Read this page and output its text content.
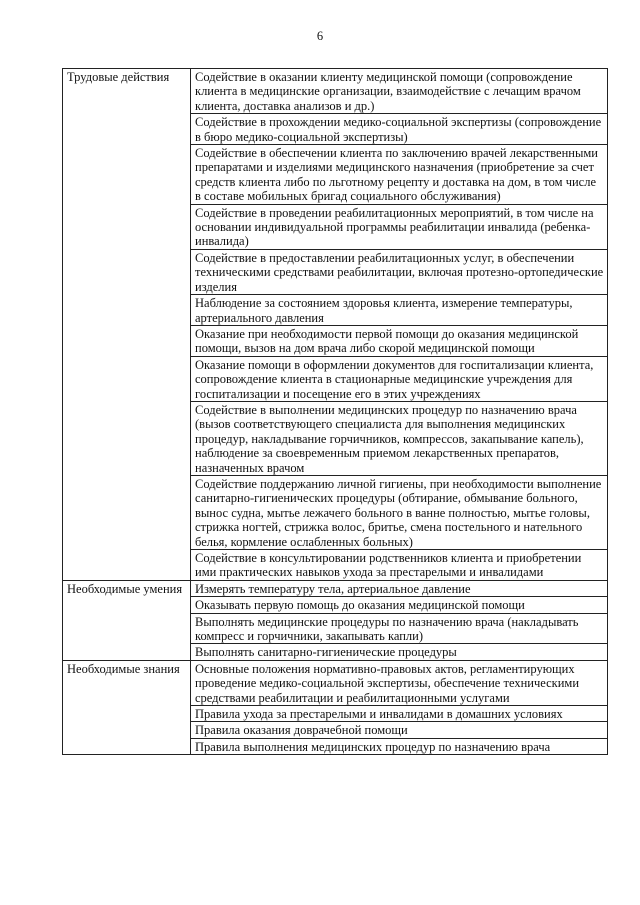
6
Трудовые действия	Содействие в оказании клиенту медицинской помощи (сопровождение клиента в медицинские организации, взаимодействие с лечащим врачом клиента, доставка анализов и др.)
	Содействие в прохождении медико-социальной экспертизы (сопровождение в бюро медико-социальной экспертизы)
	Содействие в обеспечении клиента по заключению врачей лекарственными препаратами и изделиями медицинского назначения (приобретение за счет средств клиента либо по льготному рецепту и доставка на дом, в том числе в составе мобильных бригад социального обслуживания)
	Содействие в проведении реабилитационных мероприятий, в том числе на основании индивидуальной программы реабилитации инвалида (ребенка-инвалида)
	Содействие в предоставлении реабилитационных услуг, в обеспечении техническими средствами реабилитации, включая протезно-ортопедические изделия
	Наблюдение за состоянием здоровья клиента, измерение температуры, артериального давления
	Оказание при необходимости первой помощи до оказания медицинской помощи, вызов на дом врача либо скорой медицинской помощи
	Оказание помощи в оформлении документов для госпитализации клиента, сопровождение клиента в стационарные медицинские учреждения для госпитализации и посещение его в этих учреждениях
	Содействие в выполнении медицинских процедур по назначению врача (вызов соответствующего специалиста для выполнения медицинских процедур, накладывание горчичников, компрессов, закапывание капель), наблюдение за своевременным приемом лекарственных препаратов, назначенных врачом
	Содействие поддержанию личной гигиены, при необходимости выполнение санитарно-гигиенических процедуры (обтирание, обмывание больного, вынос судна, мытье лежачего больного в ванне полностью, мытье головы, стрижка ногтей, стрижка волос, бритье, смена постельного и нательного белья, кормление ослабленных больных)
	Содействие в консультировании родственников клиента и приобретении ими практических навыков ухода за престарелыми и инвалидами
Необходимые умения	Измерять температуру тела, артериальное давление
	Оказывать первую помощь до оказания медицинской помощи
	Выполнять медицинские процедуры по назначению врача (накладывать компресс и горчичники, закапывать капли)
	Выполнять санитарно-гигиенические процедуры
Необходимые знания	Основные положения нормативно-правовых актов, регламентирующих проведение медико-социальной экспертизы, обеспечение техническими средствами реабилитации и реабилитационными услугами
	Правила ухода за престарелыми и инвалидами в домашних условиях
	Правила оказания доврачебной помощи
	Правила выполнения медицинских процедур по назначению врача
